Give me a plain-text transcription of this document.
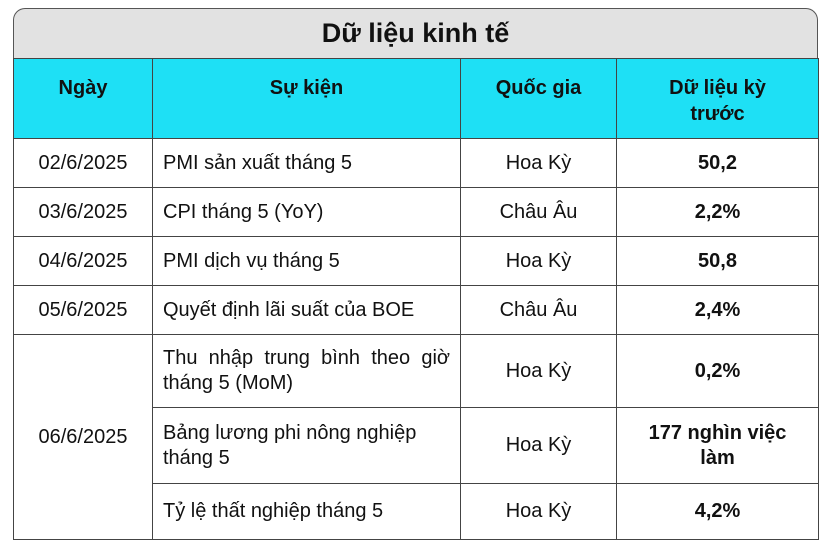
Dữ liệu kinh tế
Ngày	Sự kiện	Quốc gia	Dữ liệu kỳ trước
02/6/2025	PMI sản xuất tháng 5	Hoa Kỳ	50,2
03/6/2025	CPI tháng 5 (YoY)	Châu Âu	2,2%
04/6/2025	PMI dịch vụ tháng 5	Hoa Kỳ	50,8
05/6/2025	Quyết định lãi suất của BOE	Châu Âu	2,4%
06/6/2025	Thu nhập trung bình theo giờ tháng 5 (MoM)	Hoa Kỳ	0,2%
	Bảng lương phi nông nghiệp tháng 5	Hoa Kỳ	177 nghìn việc làm
	Tỷ lệ thất nghiệp tháng 5	Hoa Kỳ	4,2%
